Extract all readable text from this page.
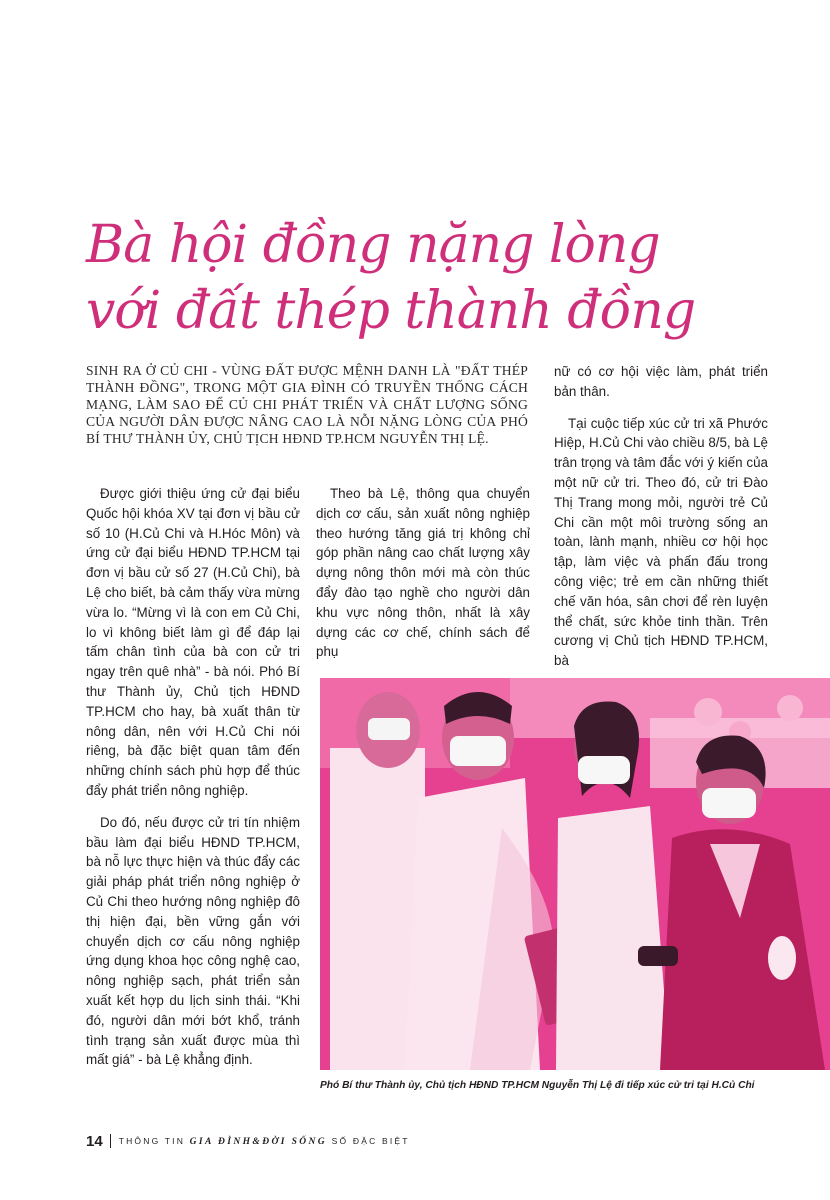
Bà hội đồng nặng lòng
với đất thép thành đồng

SINH RA Ở CỦ CHI - VÙNG ĐẤT ĐƯỢC MỆNH DANH LÀ "ĐẤT THÉP THÀNH ĐỒNG", TRONG MỘT GIA ĐÌNH CÓ TRUYỀN THỐNG CÁCH MẠNG, LÀM SAO ĐỂ CỦ CHI PHÁT TRIỂN VÀ CHẤT LƯỢNG SỐNG CỦA NGƯỜI DÂN ĐƯỢC NÂNG CAO LÀ NỖI NẶNG LÒNG CỦA PHÓ BÍ THƯ THÀNH ỦY, CHỦ TỊCH HĐND TP.HCM NGUYỄN THỊ LỆ.

Được giới thiệu ứng cử đại biểu Quốc hội khóa XV tại đơn vị bầu cử số 10 (H.Củ Chi và H.Hóc Môn) và ứng cử đại biểu HĐND TP.HCM tại đơn vị bầu cử số 27 (H.Củ Chi), bà Lệ cho biết, bà cảm thấy vừa mừng vừa lo. “Mừng vì là con em Củ Chi, lo vì không biết làm gì để đáp lại tấm chân tình của bà con cử tri ngay trên quê nhà” - bà nói. Phó Bí thư Thành ủy, Chủ tịch HĐND TP.HCM cho hay, bà xuất thân từ nông dân, nên với H.Củ Chi nói riêng, bà đặc biệt quan tâm đến những chính sách phù hợp để thúc đẩy phát triển nông nghiệp.

Do đó, nếu được cử tri tín nhiệm bầu làm đại biểu HĐND TP.HCM, bà nỗ lực thực hiện và thúc đẩy các giải pháp phát triển nông nghiệp ở Củ Chi theo hướng nông nghiệp đô thị hiện đại, bền vững gắn với chuyển dịch cơ cấu nông nghiệp ứng dụng khoa học công nghệ cao, nông nghiệp sạch, phát triển sản xuất kết hợp du lịch sinh thái. “Khi đó, người dân mới bớt khổ, tránh tình trạng sản xuất được mùa thì mất giá” - bà Lệ khẳng định.

Theo bà Lệ, thông qua chuyển dịch cơ cấu, sản xuất nông nghiệp theo hướng tăng giá trị không chỉ góp phần nâng cao chất lượng xây dựng nông thôn mới mà còn thúc đẩy đào tạo nghề cho người dân khu vực nông thôn, nhất là xây dựng các cơ chế, chính sách để phụ

nữ có cơ hội việc làm, phát triển bản thân.

Tại cuộc tiếp xúc cử tri xã Phước Hiệp, H.Củ Chi vào chiều 8/5, bà Lệ trân trọng và tâm đắc với ý kiến của một nữ cử tri. Theo đó, cử tri Đào Thị Trang mong mỏi, người trẻ Củ Chi cần một môi trường sống an toàn, lành mạnh, nhiều cơ hội học tập, làm việc và phấn đấu trong công việc; trẻ em cần những thiết chế văn hóa, sân chơi để rèn luyện thể chất, sức khỏe tinh thần. Trên cương vị Chủ tịch HĐND TP.HCM, bà

Phó Bí thư Thành ủy, Chủ tịch HĐND TP.HCM Nguyễn Thị Lệ đi tiếp xúc cử tri tại H.Củ Chi
14 THÔNG TIN GIA ĐÌNH&ĐỜI SỐNG SỐ ĐẶC BIỆT
